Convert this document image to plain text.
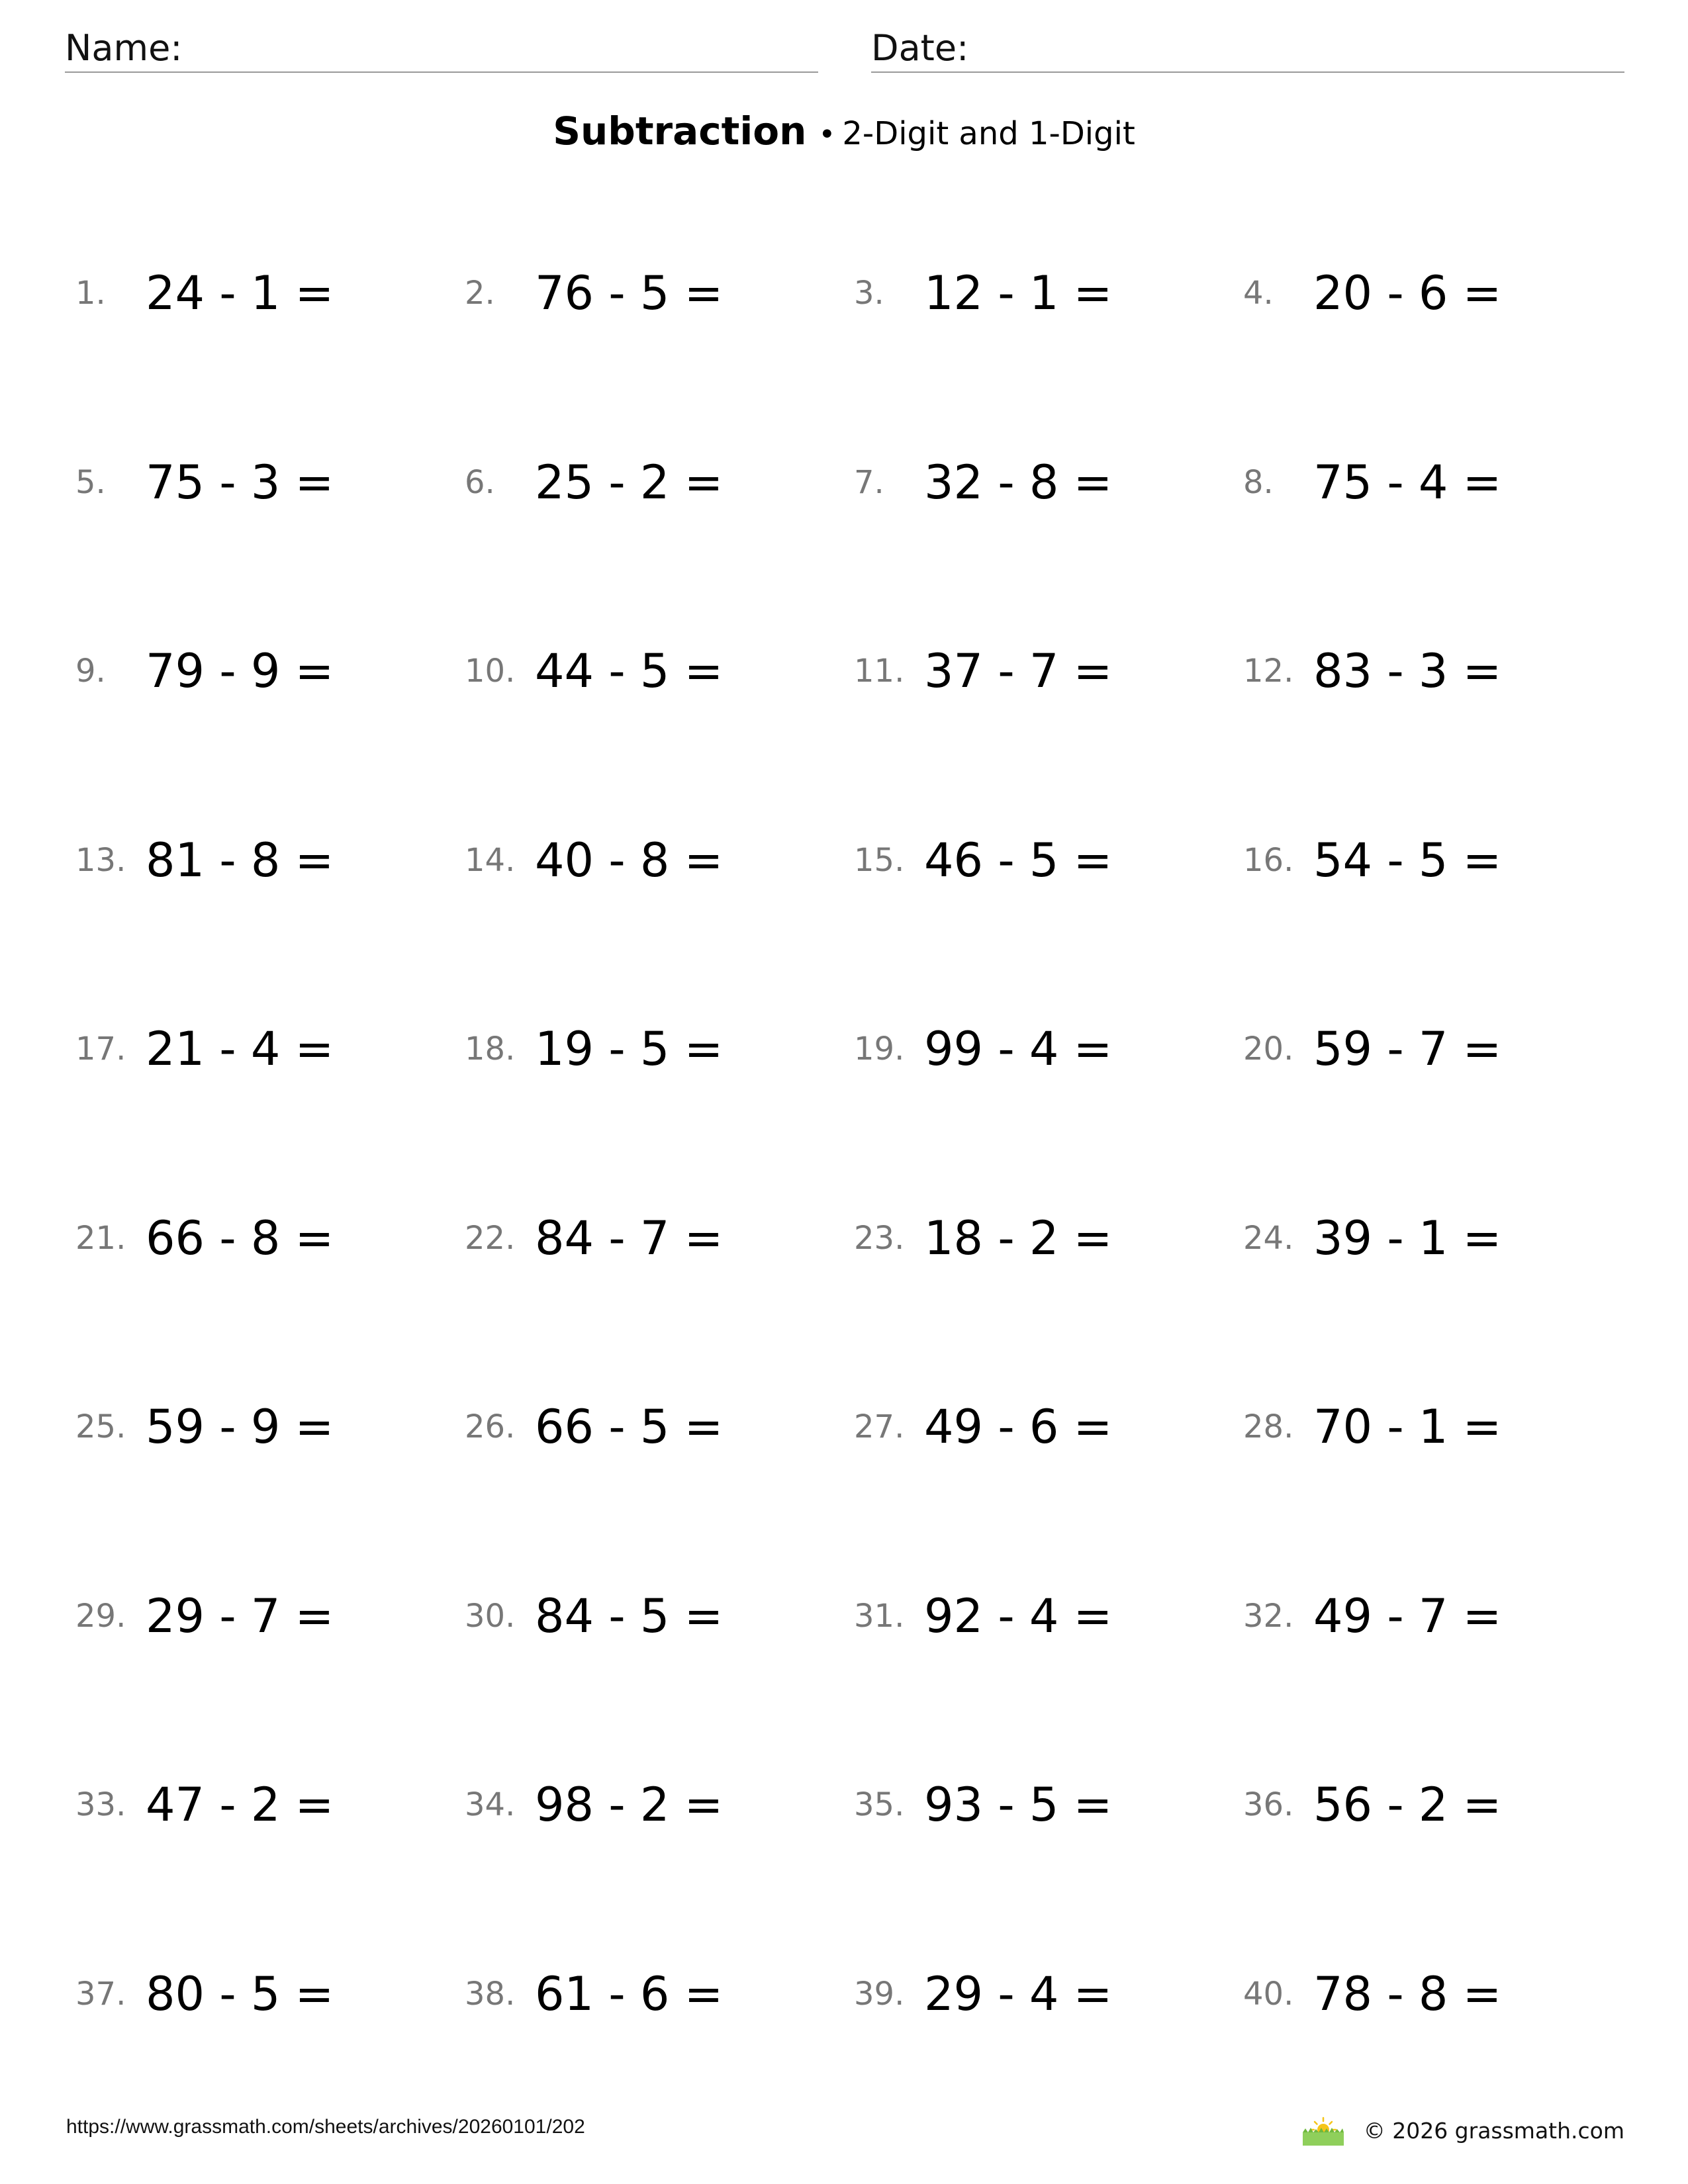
Name:	Date:
Subtraction • 2-Digit and 1-Digit
1. 24 - 1 =	2. 76 - 5 =	3. 12 - 1 =	4. 20 - 6 =
5. 75 - 3 =	6. 25 - 2 =	7. 32 - 8 =	8. 75 - 4 =
9. 79 - 9 =	10. 44 - 5 =	11. 37 - 7 =	12. 83 - 3 =
13. 81 - 8 =	14. 40 - 8 =	15. 46 - 5 =	16. 54 - 5 =
17. 21 - 4 =	18. 19 - 5 =	19. 99 - 4 =	20. 59 - 7 =
21. 66 - 8 =	22. 84 - 7 =	23. 18 - 2 =	24. 39 - 1 =
25. 59 - 9 =	26. 66 - 5 =	27. 49 - 6 =	28. 70 - 1 =
29. 29 - 7 =	30. 84 - 5 =	31. 92 - 4 =	32. 49 - 7 =
33. 47 - 2 =	34. 98 - 2 =	35. 93 - 5 =	36. 56 - 2 =
37. 80 - 5 =	38. 61 - 6 =	39. 29 - 4 =	40. 78 - 8 =
https://www.grassmath.com/sheets/archives/20260101/202	© 2026 grassmath.com
